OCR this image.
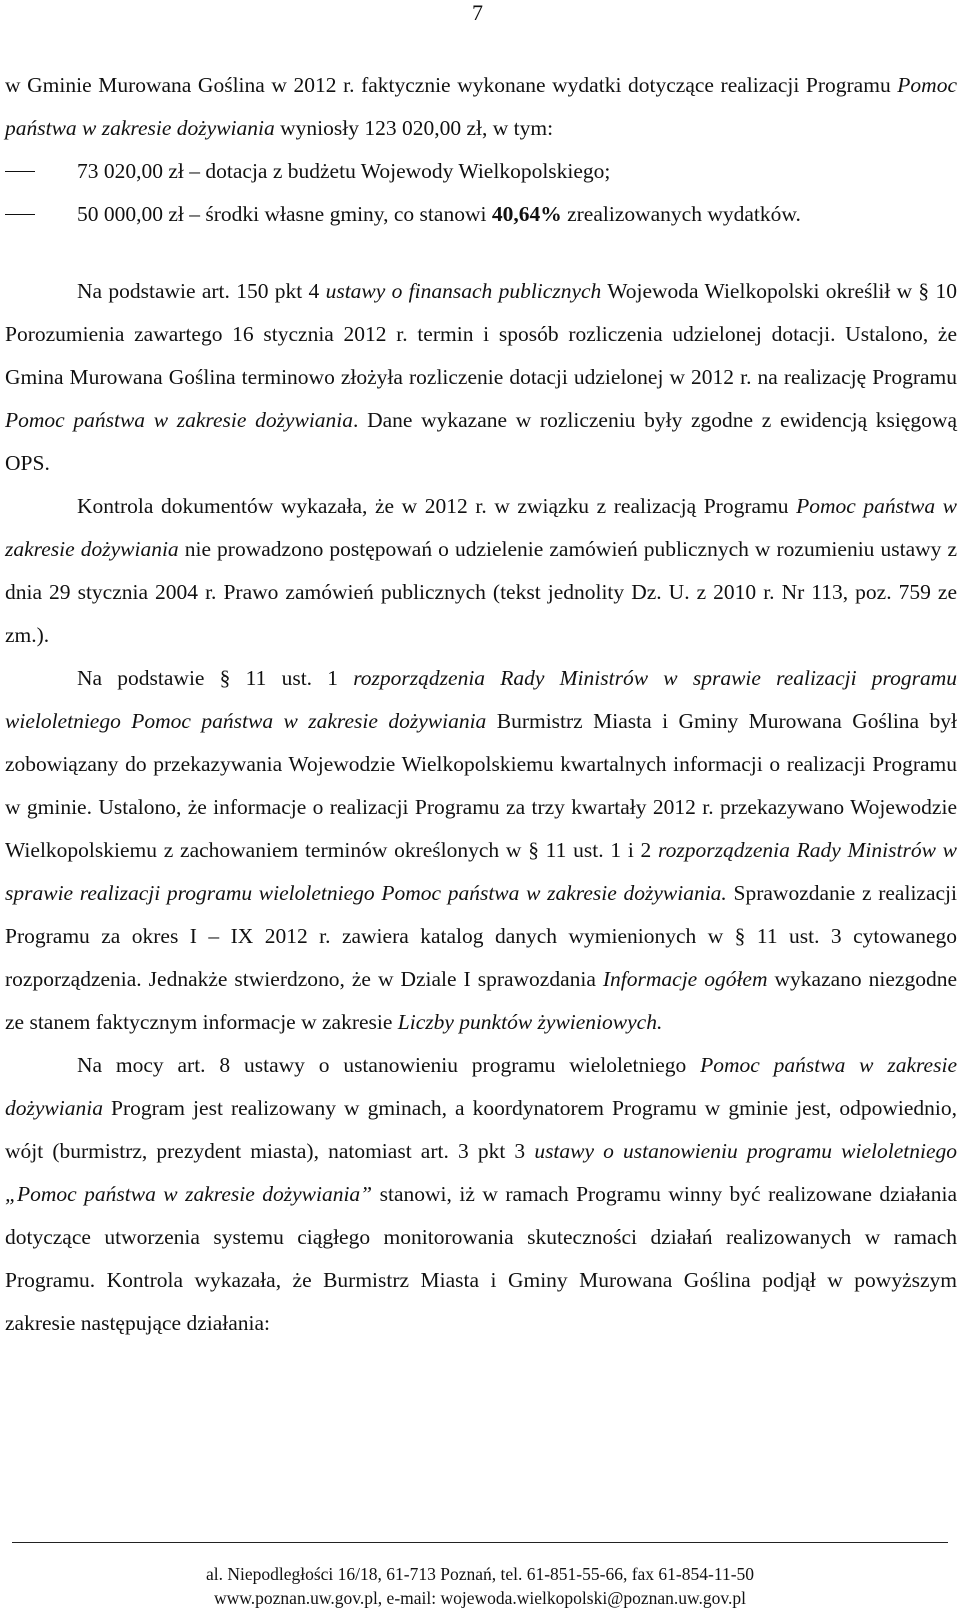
7

w Gminie Murowana Goślina w 2012 r. faktycznie wykonane wydatki dotyczące realizacji Programu Pomoc państwa w zakresie dożywiania wyniosły 123 020,00 zł, w tym:

73 020,00 zł – dotacja z budżetu Wojewody Wielkopolskiego;
50 000,00 zł – środki własne gminy, co stanowi 40,64% zrealizowanych wydatków.

Na podstawie art. 150 pkt 4 ustawy o finansach publicznych Wojewoda Wielkopolski określił w § 10 Porozumienia zawartego 16 stycznia 2012 r. termin i sposób rozliczenia udzielonej dotacji. Ustalono, że Gmina Murowana Goślina terminowo złożyła rozliczenie dotacji udzielonej w 2012 r. na realizację Programu Pomoc państwa w zakresie dożywiania. Dane wykazane w rozliczeniu były zgodne z ewidencją księgową OPS.

Kontrola dokumentów wykazała, że w 2012 r. w związku z realizacją Programu Pomoc państwa w zakresie dożywiania nie prowadzono postępowań o udzielenie zamówień publicznych w rozumieniu ustawy z dnia 29 stycznia 2004 r. Prawo zamówień publicznych (tekst jednolity Dz. U. z 2010 r. Nr 113, poz. 759 ze zm.).

Na podstawie § 11 ust. 1 rozporządzenia Rady Ministrów w sprawie realizacji programu wieloletniego Pomoc państwa w zakresie dożywiania Burmistrz Miasta i Gminy Murowana Goślina był zobowiązany do przekazywania Wojewodzie Wielkopolskiemu kwartalnych informacji o realizacji Programu w gminie. Ustalono, że informacje o realizacji Programu za trzy kwartały 2012 r. przekazywano Wojewodzie Wielkopolskiemu z zachowaniem terminów określonych w § 11 ust. 1 i 2 rozporządzenia Rady Ministrów w sprawie realizacji programu wieloletniego Pomoc państwa w zakresie dożywiania. Sprawozdanie z realizacji Programu za okres I – IX 2012 r. zawiera katalog danych wymienionych w § 11 ust. 3 cytowanego rozporządzenia. Jednakże stwierdzono, że w Dziale I sprawozdania Informacje ogółem wykazano niezgodne ze stanem faktycznym informacje w zakresie Liczby punktów żywieniowych.

Na mocy art. 8 ustawy o ustanowieniu programu wieloletniego Pomoc państwa w zakresie dożywiania Program jest realizowany w gminach, a koordynatorem Programu w gminie jest, odpowiednio, wójt (burmistrz, prezydent miasta), natomiast art. 3 pkt 3 ustawy o ustanowieniu programu wieloletniego „Pomoc państwa w zakresie dożywiania” stanowi, iż w ramach Programu winny być realizowane działania dotyczące utworzenia systemu ciągłego monitorowania skuteczności działań realizowanych w ramach Programu. Kontrola wykazała, że Burmistrz Miasta i Gminy Murowana Goślina podjął w powyższym zakresie następujące działania:

al. Niepodległości 16/18, 61-713 Poznań, tel. 61-851-55-66, fax 61-854-11-50
www.poznan.uw.gov.pl, e-mail: wojewoda.wielkopolski@poznan.uw.gov.pl
